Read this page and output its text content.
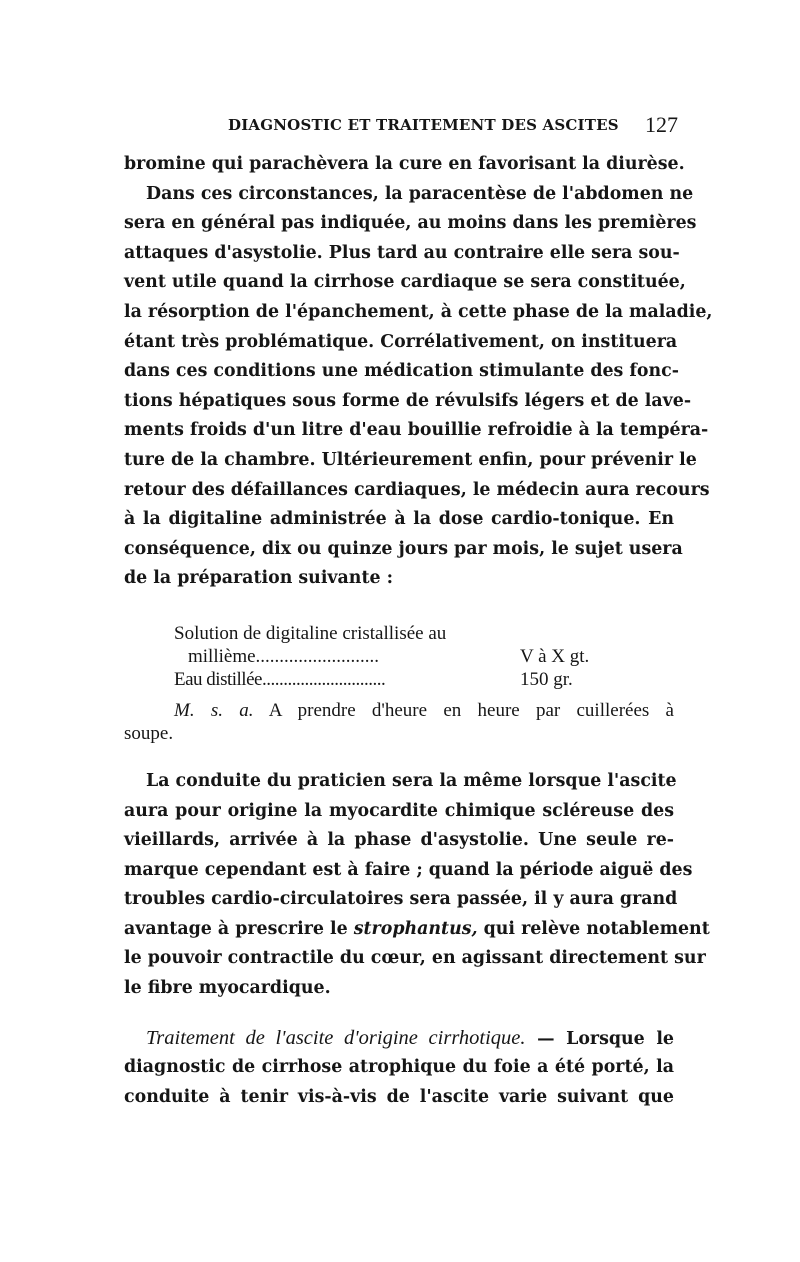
DIAGNOSTIC ET TRAITEMENT DES ASCITES 127
bromine qui parachèvera la cure en favorisant la diurèse.
Dans ces circonstances, la paracentèse de l'abdomen ne
sera en général pas indiquée, au moins dans les premières
attaques d'asystolie. Plus tard au contraire elle sera sou-
vent utile quand la cirrhose cardiaque se sera constituée,
la résorption de l'épanchement, à cette phase de la maladie,
étant très problématique. Corrélativement, on instituera
dans ces conditions une médication stimulante des fonc-
tions hépatiques sous forme de révulsifs légers et de lave-
ments froids d'un litre d'eau bouillie refroidie à la tempéra-
ture de la chambre. Ultérieurement enfin, pour prévenir le
retour des défaillances cardiaques, le médecin aura recours
à la digitaline administrée à la dose cardio-tonique. En
conséquence, dix ou quinze jours par mois, le sujet usera
de la préparation suivante :
Solution de digitaline cristallisée au
millième..........................	V à X gt.
Eau distillée.............................	150 gr.
M. s. a. A prendre d'heure en heure par cuillerées à
soupe.
La conduite du praticien sera la même lorsque l'ascite
aura pour origine la myocardite chimique scléreuse des
vieillards, arrivée à la phase d'asystolie. Une seule re-
marque cependant est à faire ; quand la période aiguë des
troubles cardio-circulatoires sera passée, il y aura grand
avantage à prescrire le strophantus, qui relève notablement
le pouvoir contractile du cœur, en agissant directement sur
le fibre myocardique.
Traitement de l'ascite d'origine cirrhotique. — Lorsque le
diagnostic de cirrhose atrophique du foie a été porté, la
conduite à tenir vis-à-vis de l'ascite varie suivant que
